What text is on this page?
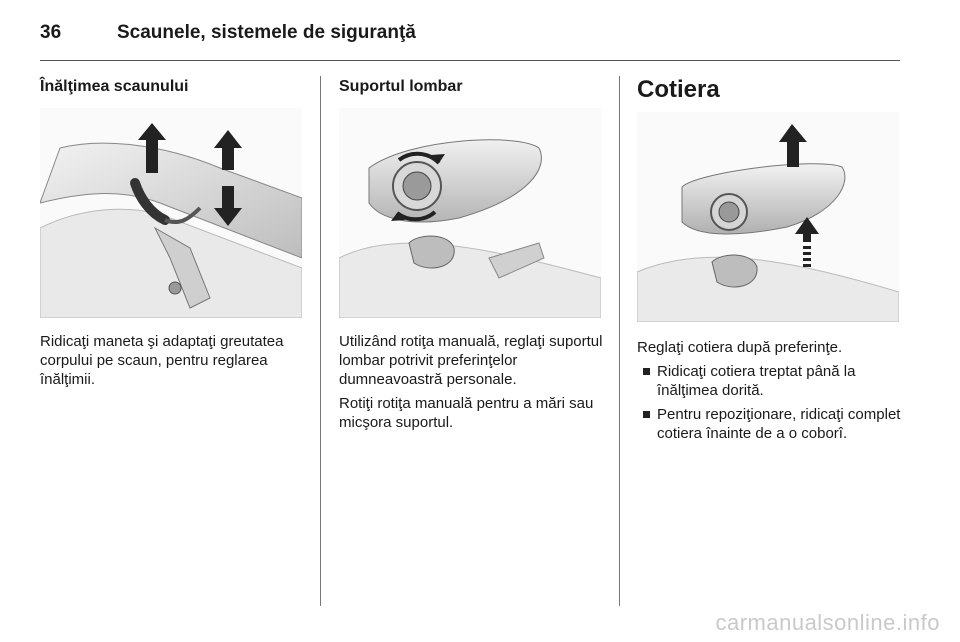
36	Scaunele, sistemele de siguranţă
Înălţimea scaunului

Ridicaţi maneta şi adaptaţi greutatea corpului pe scaun, pentru reglarea înălţimii.

Suportul lombar

Utilizând rotiţa manuală, reglaţi suportul lombar potrivit preferinţelor dumneavoastră personale.

Rotiţi rotiţa manuală pentru a mări sau micşora suportul.

Cotiera

Reglaţi cotiera după preferinţe.

Ridicaţi cotiera treptat până la înălţimea dorită.
Pentru repoziţionare, ridicaţi complet cotiera înainte de a o coborî.
carmanualsonline.info
